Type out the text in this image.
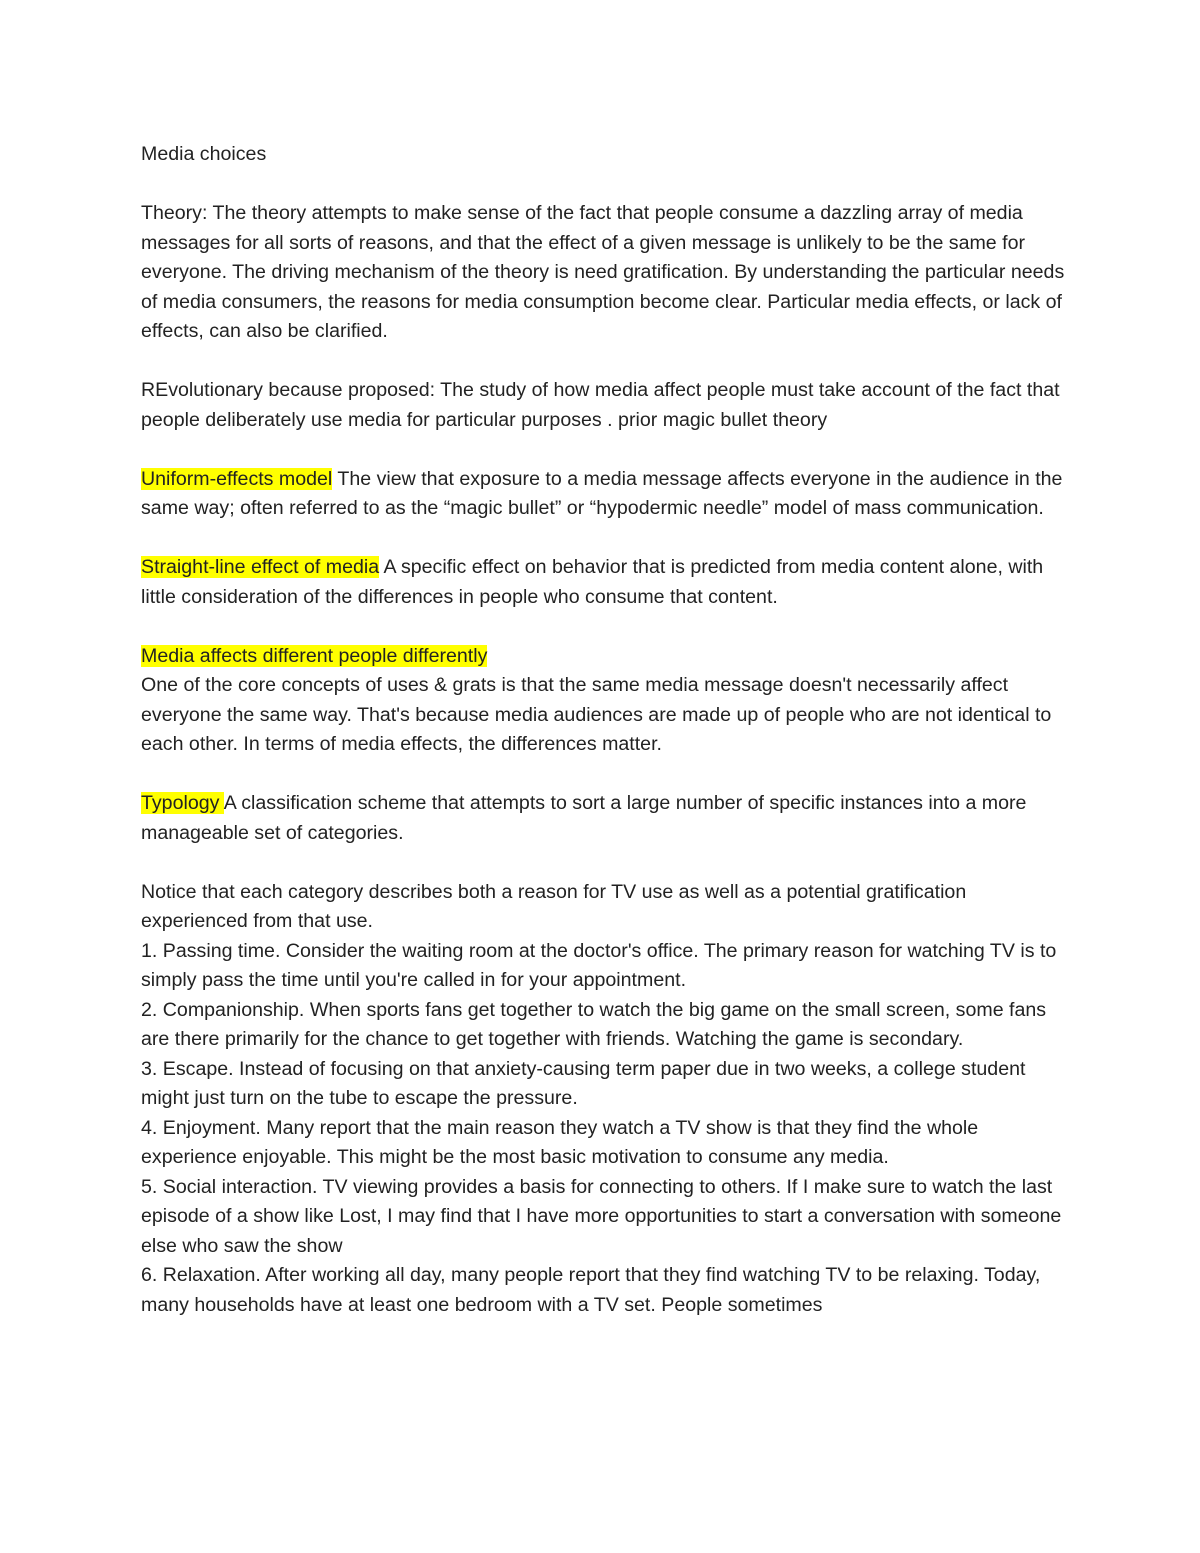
Media choices

Theory: The theory attempts to make sense of the fact that people consume a dazzling array of media messages for all sorts of reasons, and that the effect of a given message is unlikely to be the same for everyone. The driving mechanism of the theory is need gratification. By understanding the particular needs of media consumers, the reasons for media consumption become clear. Particular media effects, or lack of effects, can also be clarified.

REvolutionary because proposed: The study of how media affect people must take account of the fact that people deliberately use media for particular purposes . prior magic bullet theory

Uniform-effects model The view that exposure to a media message affects everyone in the audience in the same way; often referred to as the “magic bullet” or “hypodermic needle” model of mass communication.

Straight-line effect of media A specific effect on behavior that is predicted from media content alone, with little consideration of the differences in people who consume that content.

Media affects different people differently

One of the core concepts of uses & grats is that the same media message doesn't necessarily affect everyone the same way. That's because media audiences are made up of people who are not identical to each other. In terms of media effects, the differences matter.

Typology A classification scheme that attempts to sort a large number of specific instances into a more manageable set of categories.

Notice that each category describes both a reason for TV use as well as a potential gratification experienced from that use.

1. Passing time. Consider the waiting room at the doctor's office. The primary reason for watching TV is to simply pass the time until you're called in for your appointment.

2. Companionship. When sports fans get together to watch the big game on the small screen, some fans are there primarily for the chance to get together with friends. Watching the game is secondary.

3. Escape. Instead of focusing on that anxiety-causing term paper due in two weeks, a college student might just turn on the tube to escape the pressure.

4. Enjoyment. Many report that the main reason they watch a TV show is that they find the whole experience enjoyable. This might be the most basic motivation to consume any media.

5. Social interaction. TV viewing provides a basis for connecting to others. If I make sure to watch the last episode of a show like Lost, I may find that I have more opportunities to start a conversation with someone else who saw the show

6. Relaxation. After working all day, many people report that they find watching TV to be relaxing. Today, many households have at least one bedroom with a TV set. People sometimes
